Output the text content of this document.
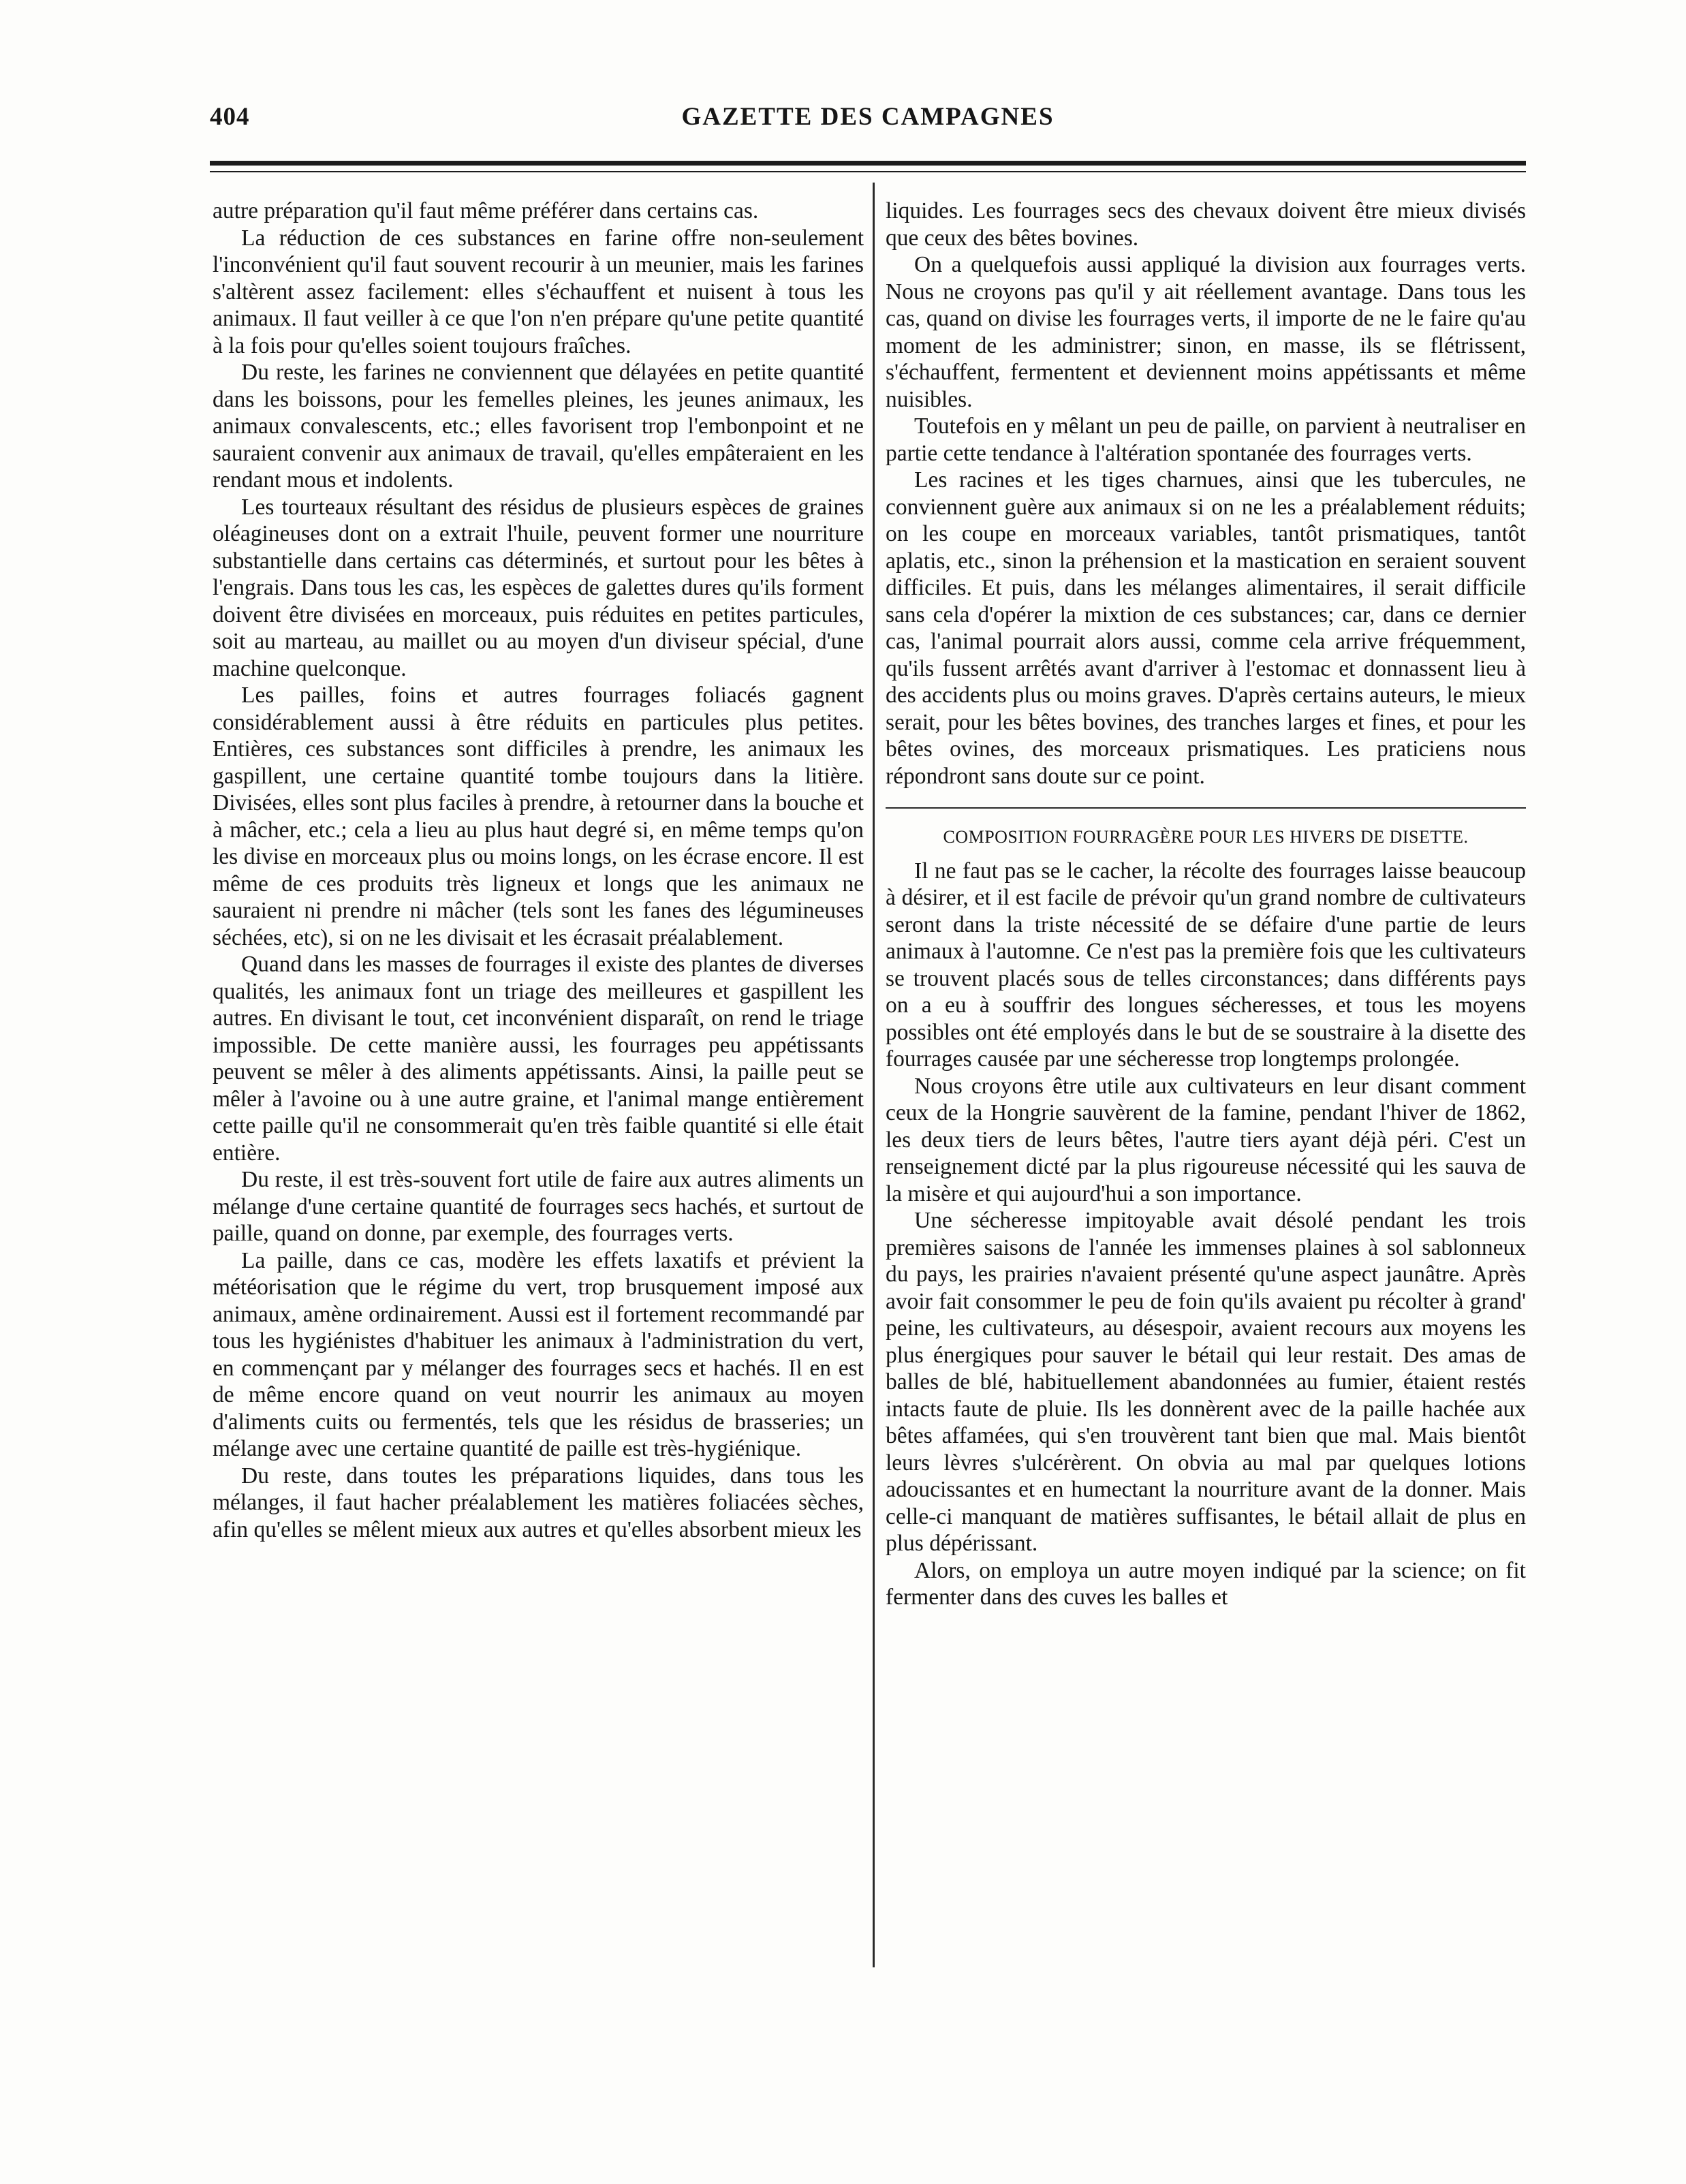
404	GAZETTE DES CAMPAGNES

autre préparation qu'il faut même préférer dans certains cas.

La réduction de ces substances en farine offre non-seulement l'inconvénient qu'il faut souvent recourir à un meunier, mais les farines s'altèrent assez facilement: elles s'échauffent et nuisent à tous les animaux. Il faut veiller à ce que l'on n'en prépare qu'une petite quantité à la fois pour qu'elles soient toujours fraîches.

Du reste, les farines ne conviennent que délayées en petite quantité dans les boissons, pour les femelles pleines, les jeunes animaux, les animaux convalescents, etc.; elles favorisent trop l'embonpoint et ne sauraient convenir aux animaux de travail, qu'elles empâteraient en les rendant mous et indolents.

Les tourteaux résultant des résidus de plusieurs espèces de graines oléagineuses dont on a extrait l'huile, peuvent former une nourriture substantielle dans certains cas déterminés, et surtout pour les bêtes à l'engrais. Dans tous les cas, les espèces de galettes dures qu'ils forment doivent être divisées en morceaux, puis réduites en petites particules, soit au marteau, au maillet ou au moyen d'un diviseur spécial, d'une machine quelconque.

Les pailles, foins et autres fourrages foliacés gagnent considérablement aussi à être réduits en particules plus petites. Entières, ces substances sont difficiles à prendre, les animaux les gaspillent, une certaine quantité tombe toujours dans la litière. Divisées, elles sont plus faciles à prendre, à retourner dans la bouche et à mâcher, etc.; cela a lieu au plus haut degré si, en même temps qu'on les divise en morceaux plus ou moins longs, on les écrase encore. Il est même de ces produits très ligneux et longs que les animaux ne sauraient ni prendre ni mâcher (tels sont les fanes des légumineuses séchées, etc), si on ne les divisait et les écrasait préalablement.

Quand dans les masses de fourrages il existe des plantes de diverses qualités, les animaux font un triage des meilleures et gaspillent les autres. En divisant le tout, cet inconvénient disparaît, on rend le triage impossible. De cette manière aussi, les fourrages peu appétissants peuvent se mêler à des aliments appétissants. Ainsi, la paille peut se mêler à l'avoine ou à une autre graine, et l'animal mange entièrement cette paille qu'il ne consommerait qu'en très faible quantité si elle était entière.

Du reste, il est très-souvent fort utile de faire aux autres aliments un mélange d'une certaine quantité de fourrages secs hachés, et surtout de paille, quand on donne, par exemple, des fourrages verts.

La paille, dans ce cas, modère les effets laxatifs et prévient la météorisation que le régime du vert, trop brusquement imposé aux animaux, amène ordinairement. Aussi est il fortement recommandé par tous les hygiénistes d'habituer les animaux à l'administration du vert, en commençant par y mélanger des fourrages secs et hachés. Il en est de même encore quand on veut nourrir les animaux au moyen d'aliments cuits ou fermentés, tels que les résidus de brasseries; un mélange avec une certaine quantité de paille est très-hygiénique.

Du reste, dans toutes les préparations liquides, dans tous les mélanges, il faut hacher préalablement les matières foliacées sèches, afin qu'elles se mêlent mieux aux autres et qu'elles absorbent mieux les

liquides. Les fourrages secs des chevaux doivent être mieux divisés que ceux des bêtes bovines.

On a quelquefois aussi appliqué la division aux fourrages verts. Nous ne croyons pas qu'il y ait réellement avantage. Dans tous les cas, quand on divise les fourrages verts, il importe de ne le faire qu'au moment de les administrer; sinon, en masse, ils se flétrissent, s'échauffent, fermentent et deviennent moins appétissants et même nuisibles.

Toutefois en y mêlant un peu de paille, on parvient à neutraliser en partie cette tendance à l'altération spontanée des fourrages verts.

Les racines et les tiges charnues, ainsi que les tubercules, ne conviennent guère aux animaux si on ne les a préalablement réduits; on les coupe en morceaux variables, tantôt prismatiques, tantôt aplatis, etc., sinon la préhension et la mastication en seraient souvent difficiles. Et puis, dans les mélanges alimentaires, il serait difficile sans cela d'opérer la mixtion de ces substances; car, dans ce dernier cas, l'animal pourrait alors aussi, comme cela arrive fréquemment, qu'ils fussent arrêtés avant d'arriver à l'estomac et donnassent lieu à des accidents plus ou moins graves. D'après certains auteurs, le mieux serait, pour les bêtes bovines, des tranches larges et fines, et pour les bêtes ovines, des morceaux prismatiques. Les praticiens nous répondront sans doute sur ce point.

COMPOSITION FOURRAGÈRE POUR LES HIVERS DE DISETTE.

Il ne faut pas se le cacher, la récolte des fourrages laisse beaucoup à désirer, et il est facile de prévoir qu'un grand nombre de cultivateurs seront dans la triste nécessité de se défaire d'une partie de leurs animaux à l'automne. Ce n'est pas la première fois que les cultivateurs se trouvent placés sous de telles circonstances; dans différents pays on a eu à souffrir des longues sécheresses, et tous les moyens possibles ont été employés dans le but de se soustraire à la disette des fourrages causée par une sécheresse trop longtemps prolongée.

Nous croyons être utile aux cultivateurs en leur disant comment ceux de la Hongrie sauvèrent de la famine, pendant l'hiver de 1862, les deux tiers de leurs bêtes, l'autre tiers ayant déjà péri. C'est un renseignement dicté par la plus rigoureuse nécessité qui les sauva de la misère et qui aujourd'hui a son importance.

Une sécheresse impitoyable avait désolé pendant les trois premières saisons de l'année les immenses plaines à sol sablonneux du pays, les prairies n'avaient présenté qu'une aspect jaunâtre. Après avoir fait consommer le peu de foin qu'ils avaient pu récolter à grand' peine, les cultivateurs, au désespoir, avaient recours aux moyens les plus énergiques pour sauver le bétail qui leur restait. Des amas de balles de blé, habituellement abandonnées au fumier, étaient restés intacts faute de pluie. Ils les donnèrent avec de la paille hachée aux bêtes affamées, qui s'en trouvèrent tant bien que mal. Mais bientôt leurs lèvres s'ulcérèrent. On obvia au mal par quelques lotions adoucissantes et en humectant la nourriture avant de la donner. Mais celle-ci manquant de matières suffisantes, le bétail allait de plus en plus dépérissant.

Alors, on employa un autre moyen indiqué par la science; on fit fermenter dans des cuves les balles et
